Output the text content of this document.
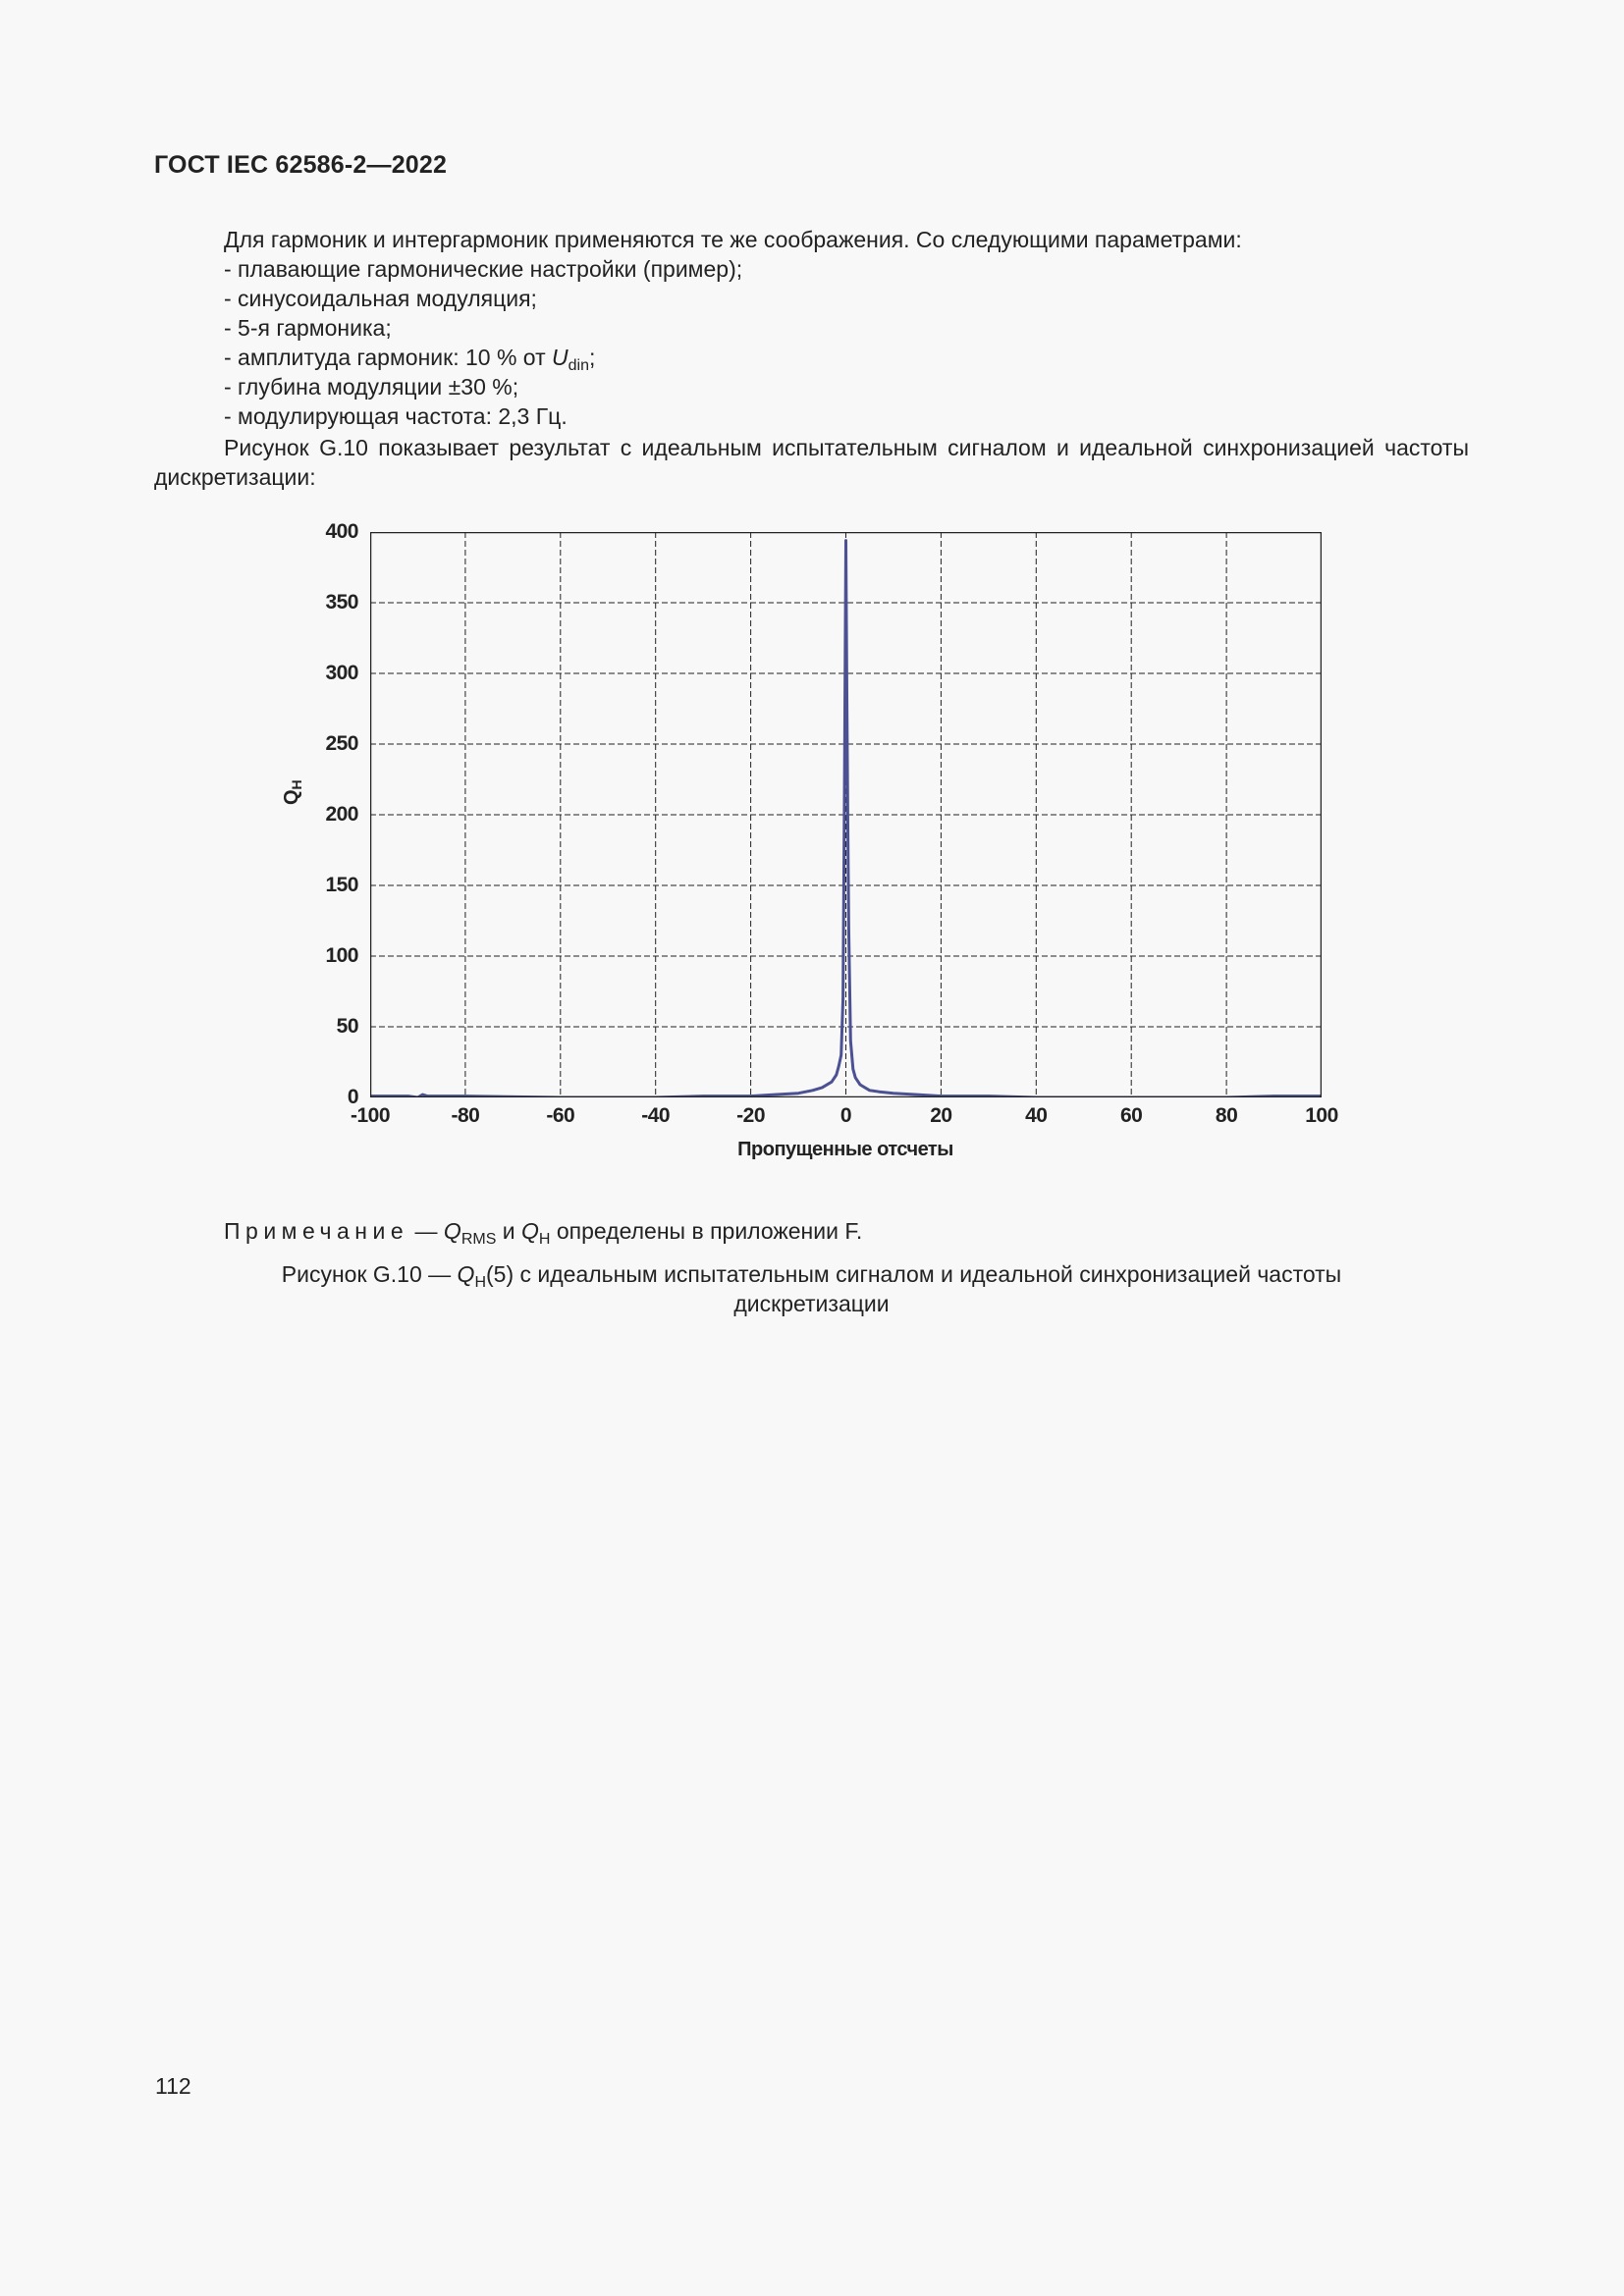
ГОСТ IEC 62586-2—2022
Для гармоник и интергармоник применяются те же соображения. Со следующими параметрами:
- плавающие гармонические настройки (пример);
- синусоидальная модуляция;
- 5-я гармоника;
- амплитуда гармоник: 10 % от $U_{din}$;
- глубина модуляции ±30 %;
- модулирующая частота: 2,3 Гц.
Рисунок G.10 показывает результат с идеальным испытательным сигналом и идеальной синхронизацией частоты дискретизации:
$Q_H$
0
50
100
150
200
250
300
350
400
-100	-80	-60	-40	-20	0	20	40	60	80	100
Пропущенные отсчеты
Примечание — $Q_{RMS}$ и $Q_H$ определены в приложении F.
Рисунок G.10 — $Q_H(5)$ с идеальным испытательным сигналом и идеальной синхронизацией частоты
дискретизации
112
